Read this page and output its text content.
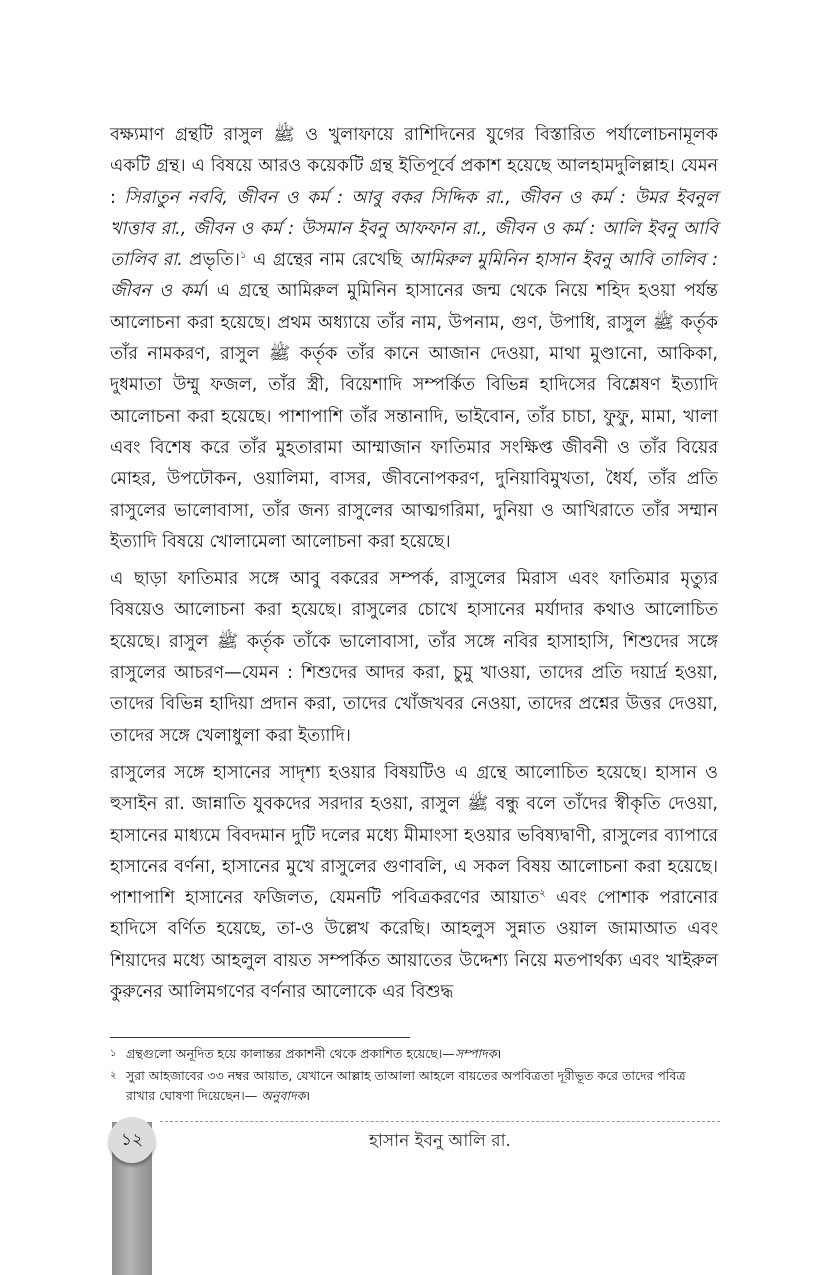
বক্ষ্যমাণ গ্রন্থটি রাসুল ﷺ ও খুলাফায়ে রাশিদিনের যুগের বিস্তারিত পর্যালোচনামূলক একটি গ্রন্থ। এ বিষয়ে আরও কয়েকটি গ্রন্থ ইতিপূর্বে প্রকাশ হয়েছে আলহামদুলিল্লাহ। যেমন : সিরাতুন নববি, জীবন ও কর্ম : আবু বকর সিদ্দিক রা., জীবন ও কর্ম : উমর ইবনুল খাত্তাব রা., জীবন ও কর্ম : উসমান ইবনু আফফান রা., জীবন ও কর্ম : আলি ইবনু আবি তালিব রা. প্রভৃতি।$^১$ এ গ্রন্থের নাম রেখেছি আমিরুল মুমিনিন হাসান ইবনু আবি তালিব : জীবন ও কর্ম। এ গ্রন্থে আমিরুল মুমিনিন হাসানের জন্ম থেকে নিয়ে শহিদ হওয়া পর্যন্ত আলোচনা করা হয়েছে। প্রথম অধ্যায়ে তাঁর নাম, উপনাম, গুণ, উপাধি, রাসুল ﷺ কর্তৃক তাঁর নামকরণ, রাসুল ﷺ কর্তৃক তাঁর কানে আজান দেওয়া, মাথা মুণ্ডানো, আকিকা, দুধমাতা উম্মু ফজল, তাঁর স্ত্রী, বিয়েশাদি সম্পর্কিত বিভিন্ন হাদিসের বিশ্লেষণ ইত্যাদি আলোচনা করা হয়েছে। পাশাপাশি তাঁর সন্তানাদি, ভাইবোন, তাঁর চাচা, ফুফু, মামা, খালা এবং বিশেষ করে তাঁর মুহতারামা আম্মাজান ফাতিমার সংক্ষিপ্ত জীবনী ও তাঁর বিয়ের মোহর, উপঢৌকন, ওয়ালিমা, বাসর, জীবনোপকরণ, দুনিয়াবিমুখতা, ধৈর্য, তাঁর প্রতি রাসুলের ভালোবাসা, তাঁর জন্য রাসুলের আত্মগরিমা, দুনিয়া ও আখিরাতে তাঁর সম্মান ইত্যাদি বিষয়ে খোলামেলা আলোচনা করা হয়েছে।

এ ছাড়া ফাতিমার সঙ্গে আবু বকরের সম্পর্ক, রাসুলের মিরাস এবং ফাতিমার মৃত্যুর বিষয়েও আলোচনা করা হয়েছে। রাসুলের চোখে হাসানের মর্যাদার কথাও আলোচিত হয়েছে। রাসুল ﷺ কর্তৃক তাঁকে ভালোবাসা, তাঁর সঙ্গে নবির হাসাহাসি, শিশুদের সঙ্গে রাসুলের আচরণ—যেমন : শিশুদের আদর করা, চুমু খাওয়া, তাদের প্রতি দয়ার্দ্র হওয়া, তাদের বিভিন্ন হাদিয়া প্রদান করা, তাদের খোঁজখবর নেওয়া, তাদের প্রশ্নের উত্তর দেওয়া, তাদের সঙ্গে খেলাধুলা করা ইত্যাদি।

রাসুলের সঙ্গে হাসানের সাদৃশ্য হওয়ার বিষয়টিও এ গ্রন্থে আলোচিত হয়েছে। হাসান ও হুসাইন রা. জান্নাতি যুবকদের সরদার হওয়া, রাসুল ﷺ বন্ধু বলে তাঁদের স্বীকৃতি দেওয়া, হাসানের মাধ্যমে বিবদমান দুটি দলের মধ্যে মীমাংসা হওয়ার ভবিষ্যদ্বাণী, রাসুলের ব্যাপারে হাসানের বর্ণনা, হাসানের মুখে রাসুলের গুণাবলি, এ সকল বিষয় আলোচনা করা হয়েছে। পাশাপাশি হাসানের ফজিলত, যেমনটি পবিত্রকরণের আয়াত$^২$ এবং পোশাক পরানোর হাদিসে বর্ণিত হয়েছে, তা-ও উল্লেখ করেছি। আহলুস সুন্নাত ওয়াল জামাআত এবং শিয়াদের মধ্যে আহলুল বায়ত সম্পর্কিত আয়াতের উদ্দেশ্য নিয়ে মতপার্থক্য এবং খাইরুল কুরুনের আলিমগণের বর্ণনার আলোকে এর বিশুদ্ধ

১ গ্রন্থগুলো অনূদিত হয়ে কালান্তর প্রকাশনী থেকে প্রকাশিত হয়েছে।—সম্পাদক।
২ সুরা আহজাবের ৩৩ নম্বর আয়াত, যেখানে আল্লাহ তাআলা আহলে বায়তের অপবিত্রতা দূরীভূত করে তাদের পবিত্র রাখার ঘোষণা দিয়েছেন।— অনুবাদক।
১২	হাসান ইবনু আলি রা.
